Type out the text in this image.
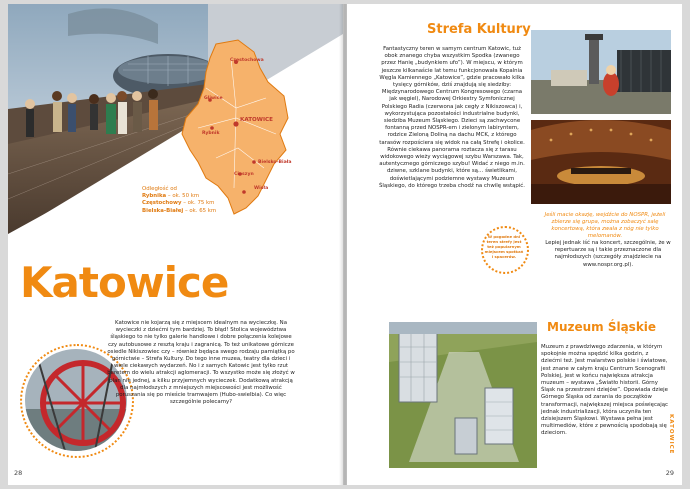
Częstochowa
Gliwice
KATOWICE
Rybnik
Bielsko-Biała
Cieszyn
Wisła

Odległość od

Rybnika – ok. 50 km

Częstochowy – ok. 75 km

Bielska-Białej – ok. 65 km

Katowice
Katowice nie kojarzą się z miejscem idealnym na wycieczkę. Na wycieczki z dziećmi tym bardziej. To błąd! Stolica województwa śląskiego to nie tylko galerie handlowe i dobre połączenia kolejowe czy autobusowe z resztą kraju i zagranicą. To też unikatowe górnicze osiedle Nikiszowiec czy – również będąca swego rodzaju pamiątką po górnictwie – Strefa Kultury. Do tego inne muzea, teatry dla dzieci i wiele ciekawych wydarzeń. No i z samych Katowic jest tylko rzut beretem do wielu atrakcji aglomeracji. To wszystko może się złożyć w plan nie jednej, a kilku przyjemnych wycieczek. Dodatkową atrakcją dla najmłodszych z mniejszych miejscowości jest możliwość poruszania się po mieście tramwajem (Hubo-swielbia). Co więc szczególnie polecamy?
28
Strefa Kultury
Fantastyczny teren w samym centrum Katowic, tuż obok znanego chyba wszystkim Spodka (zwanego przez Hanię „budynkiem ufo”). W miejscu, w którym jeszcze kilkanaście lat temu funkcjonowała Kopalnia Węgla Kamiennego „Katowice”, gdzie pracowało kilka tysięcy górników, dziś znajdują się siedziby: Międzynarodowego Centrum Kongresowego (czarna jak węgiel), Narodowej Orkiestry Symfonicznej Polskiego Radia (czerwona jak cegły z Nikiszowca) i, wykorzystująca pozostałości industrialne budynki, siedziba Muzeum Śląskiego. Dzieci są zachwycone fontanną przed NOSPR-em i zielonym labiryntem, rodzice Zieloną Doliną na dachu MCK, z którego tarasów rozpościera się widok na całą Strefę i okolice. Równie ciekawa panorama roztacza się z tarasu widokowego wieży wyciągowej szybu Warszawa. Tak, autentycznego górniczego szybu! Widać z niego m.in. dziwne, szklane budynki, które są… świetlikami, doświetlającymi podziemne wystawy Muzeum Śląskiego, do którego trzeba chodź na chwilę wstąpić.
W pogodne dni teren strefy jest też popularnym miejscem spotkań i spacerów.
Jeśli macie okazję, wejdźcie do NOSPR, jeżeli zbierze się grupa, można zobaczyć salę koncertową, która zwala z nóg nie tylko melomanów.
Lepiej jednak iść na koncert, szczególnie, że w repertuarze są i takie przeznaczone dla najmłodszych (szczegóły znajdziecie na www.nospr.org.pl).
Muzeum Śląskie
Muzeum z prawdziwego zdarzenia, w którym spokojnie można spędzić kilka godzin, z dziećmi też. Jest malarstwo polskie i światowe, jest znane w całym kraju Centrum Scenografii Polskiej, jest w końcu największa atrakcja muzeum – wystawa „Światło historii. Górny Śląsk na przestrzeni dziejów”. Opowiada dzieje Górnego Śląska od zarania do początków transformacji, największej miejsca poświęcając jednak industrializacji, która uczyniła ten dzisiejszem Śląskowi. Wystawa pełna jest multimediów, które z pewnością spodobają się dzieciom.	KATOWICE
29
